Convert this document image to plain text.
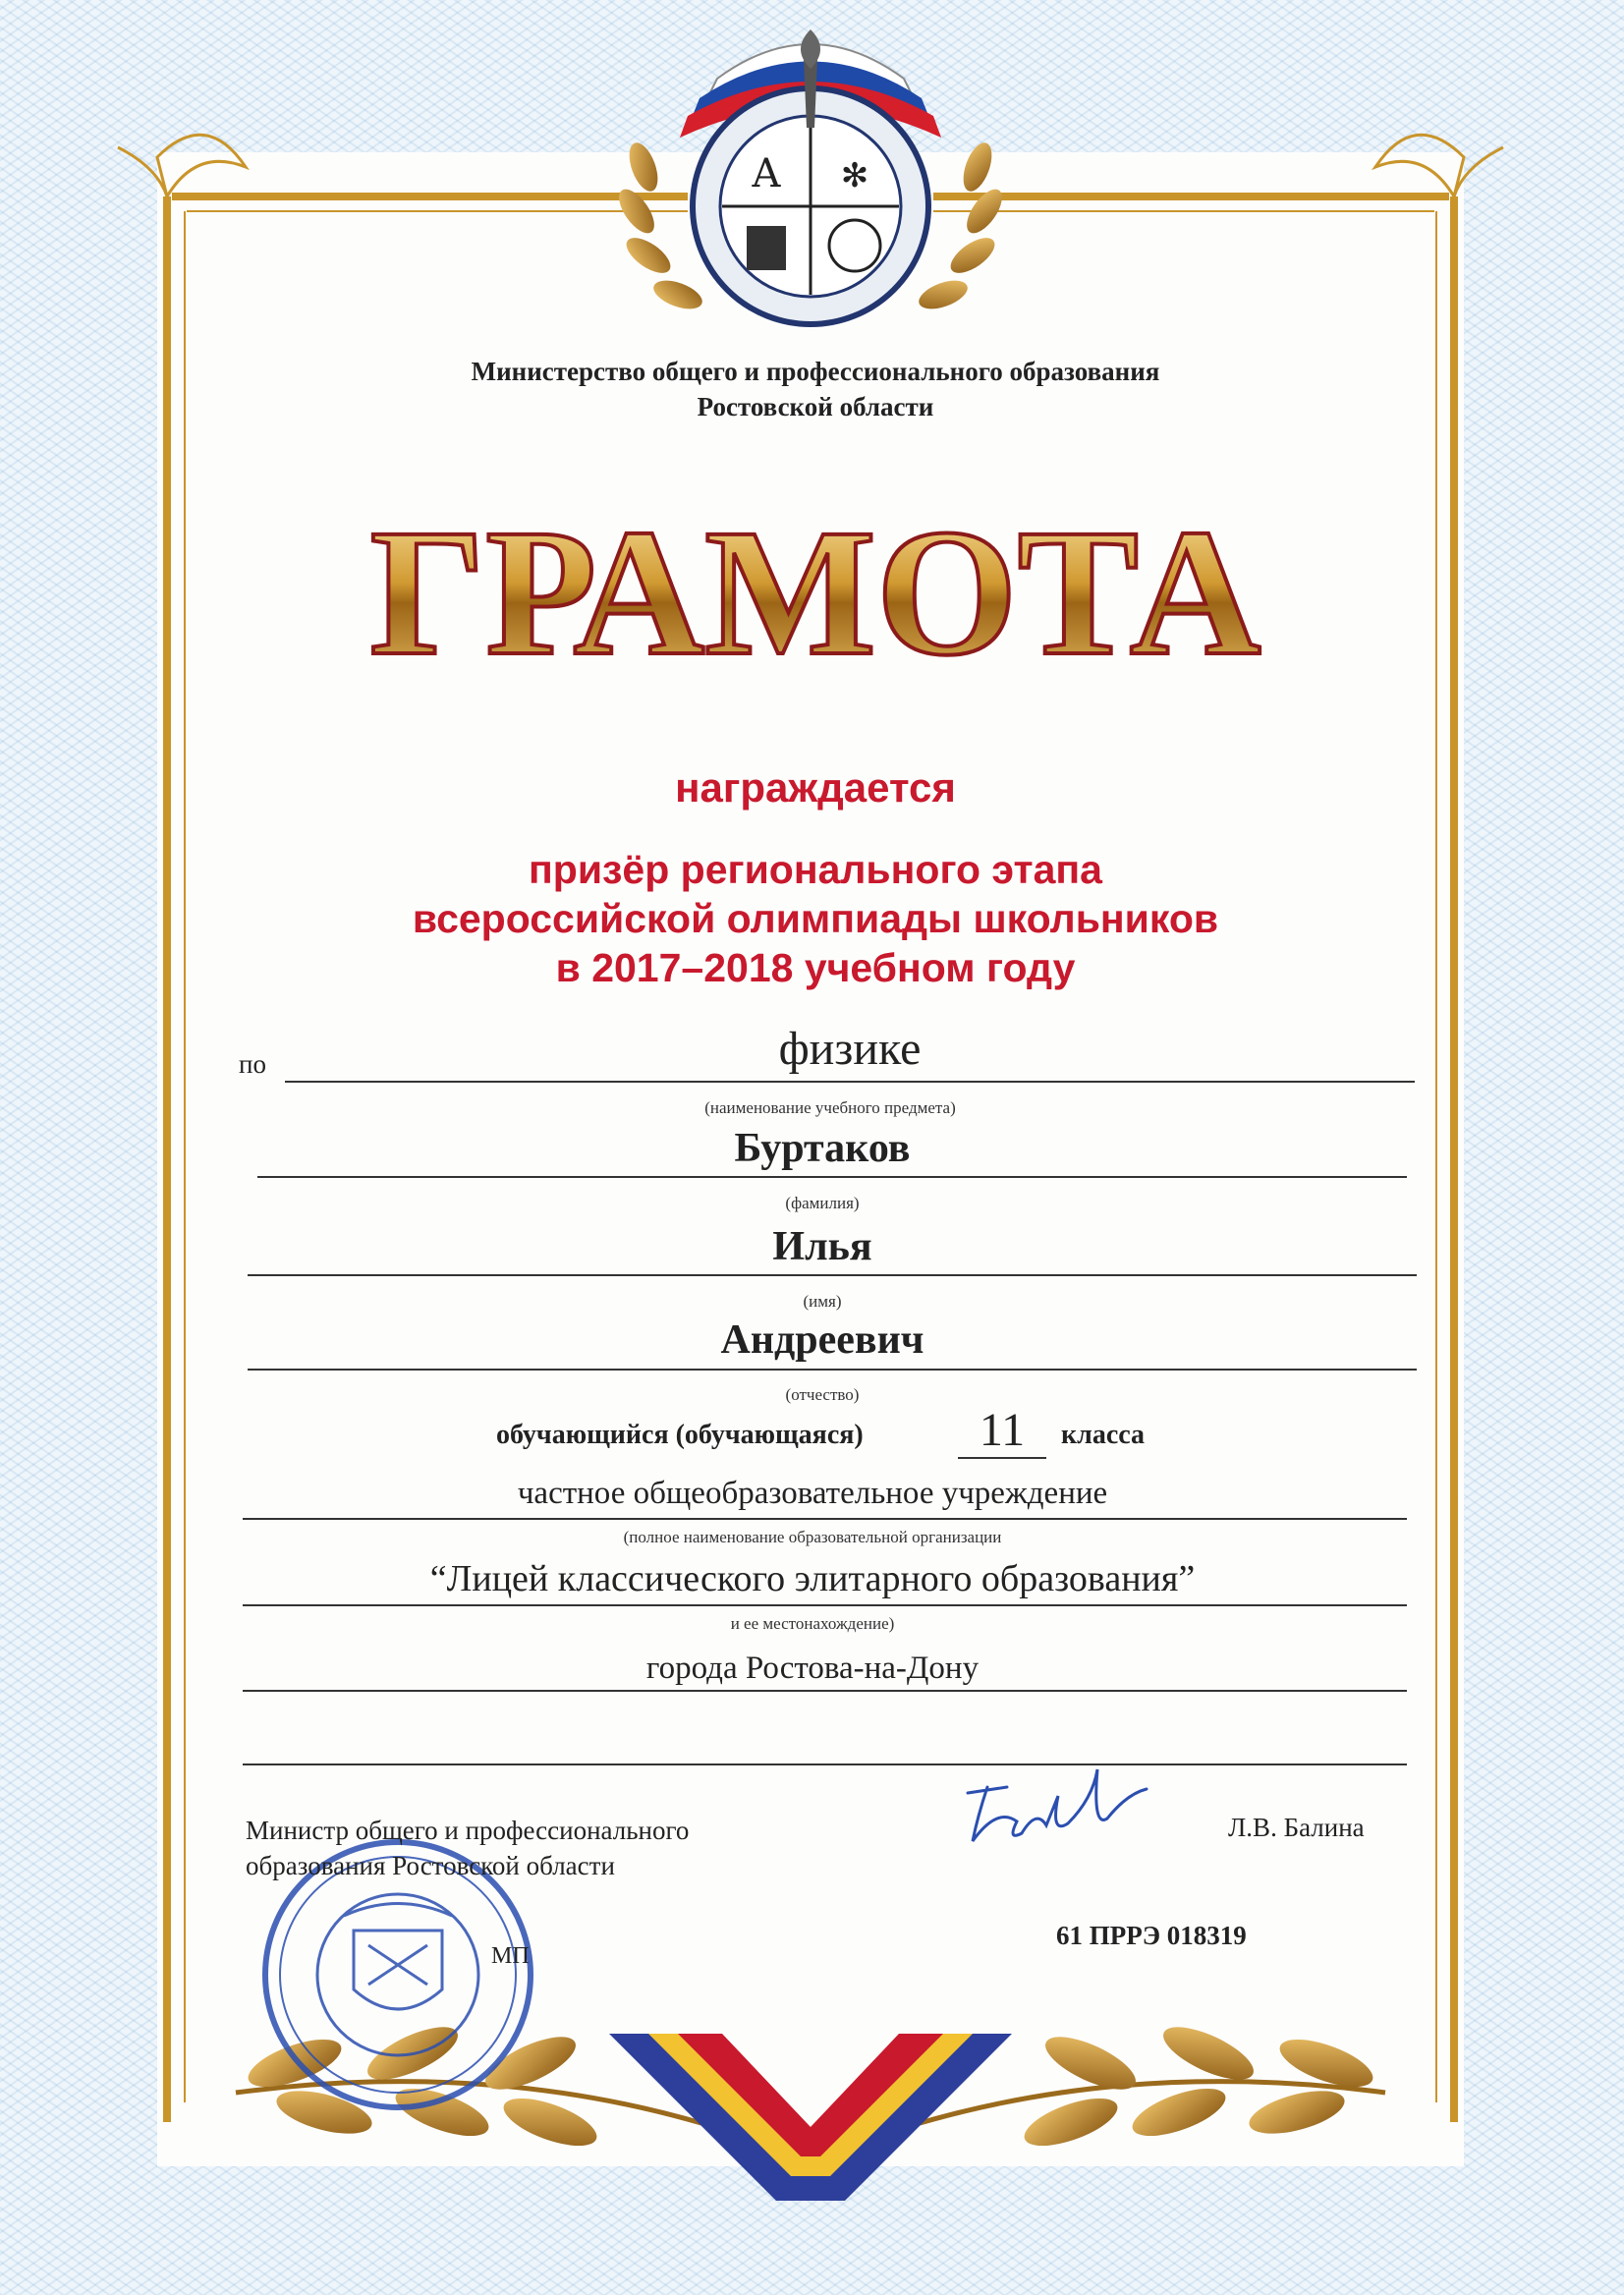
A ✻
Министерство общего и профессионального образования
Ростовской области
ГРАМОТА
награждается
призёр регионального этапа
всероссийской олимпиады школьников
в 2017–2018 учебном году
по	физике
(наименование учебного предмета)
Буртаков
(фамилия)
Илья
(имя)
Андреевич
(отчество)
обучающийся (обучающаяся)	11	класса
частное общеобразовательное учреждение
(полное наименование образовательной организации
“Лицей классического элитарного образования”
и ее местонахождение)
города Ростова-на-Дону
Министр общего и профессионального
образования Ростовской области
Л.В. Балина
МП
61 ПРРЭ 018319
